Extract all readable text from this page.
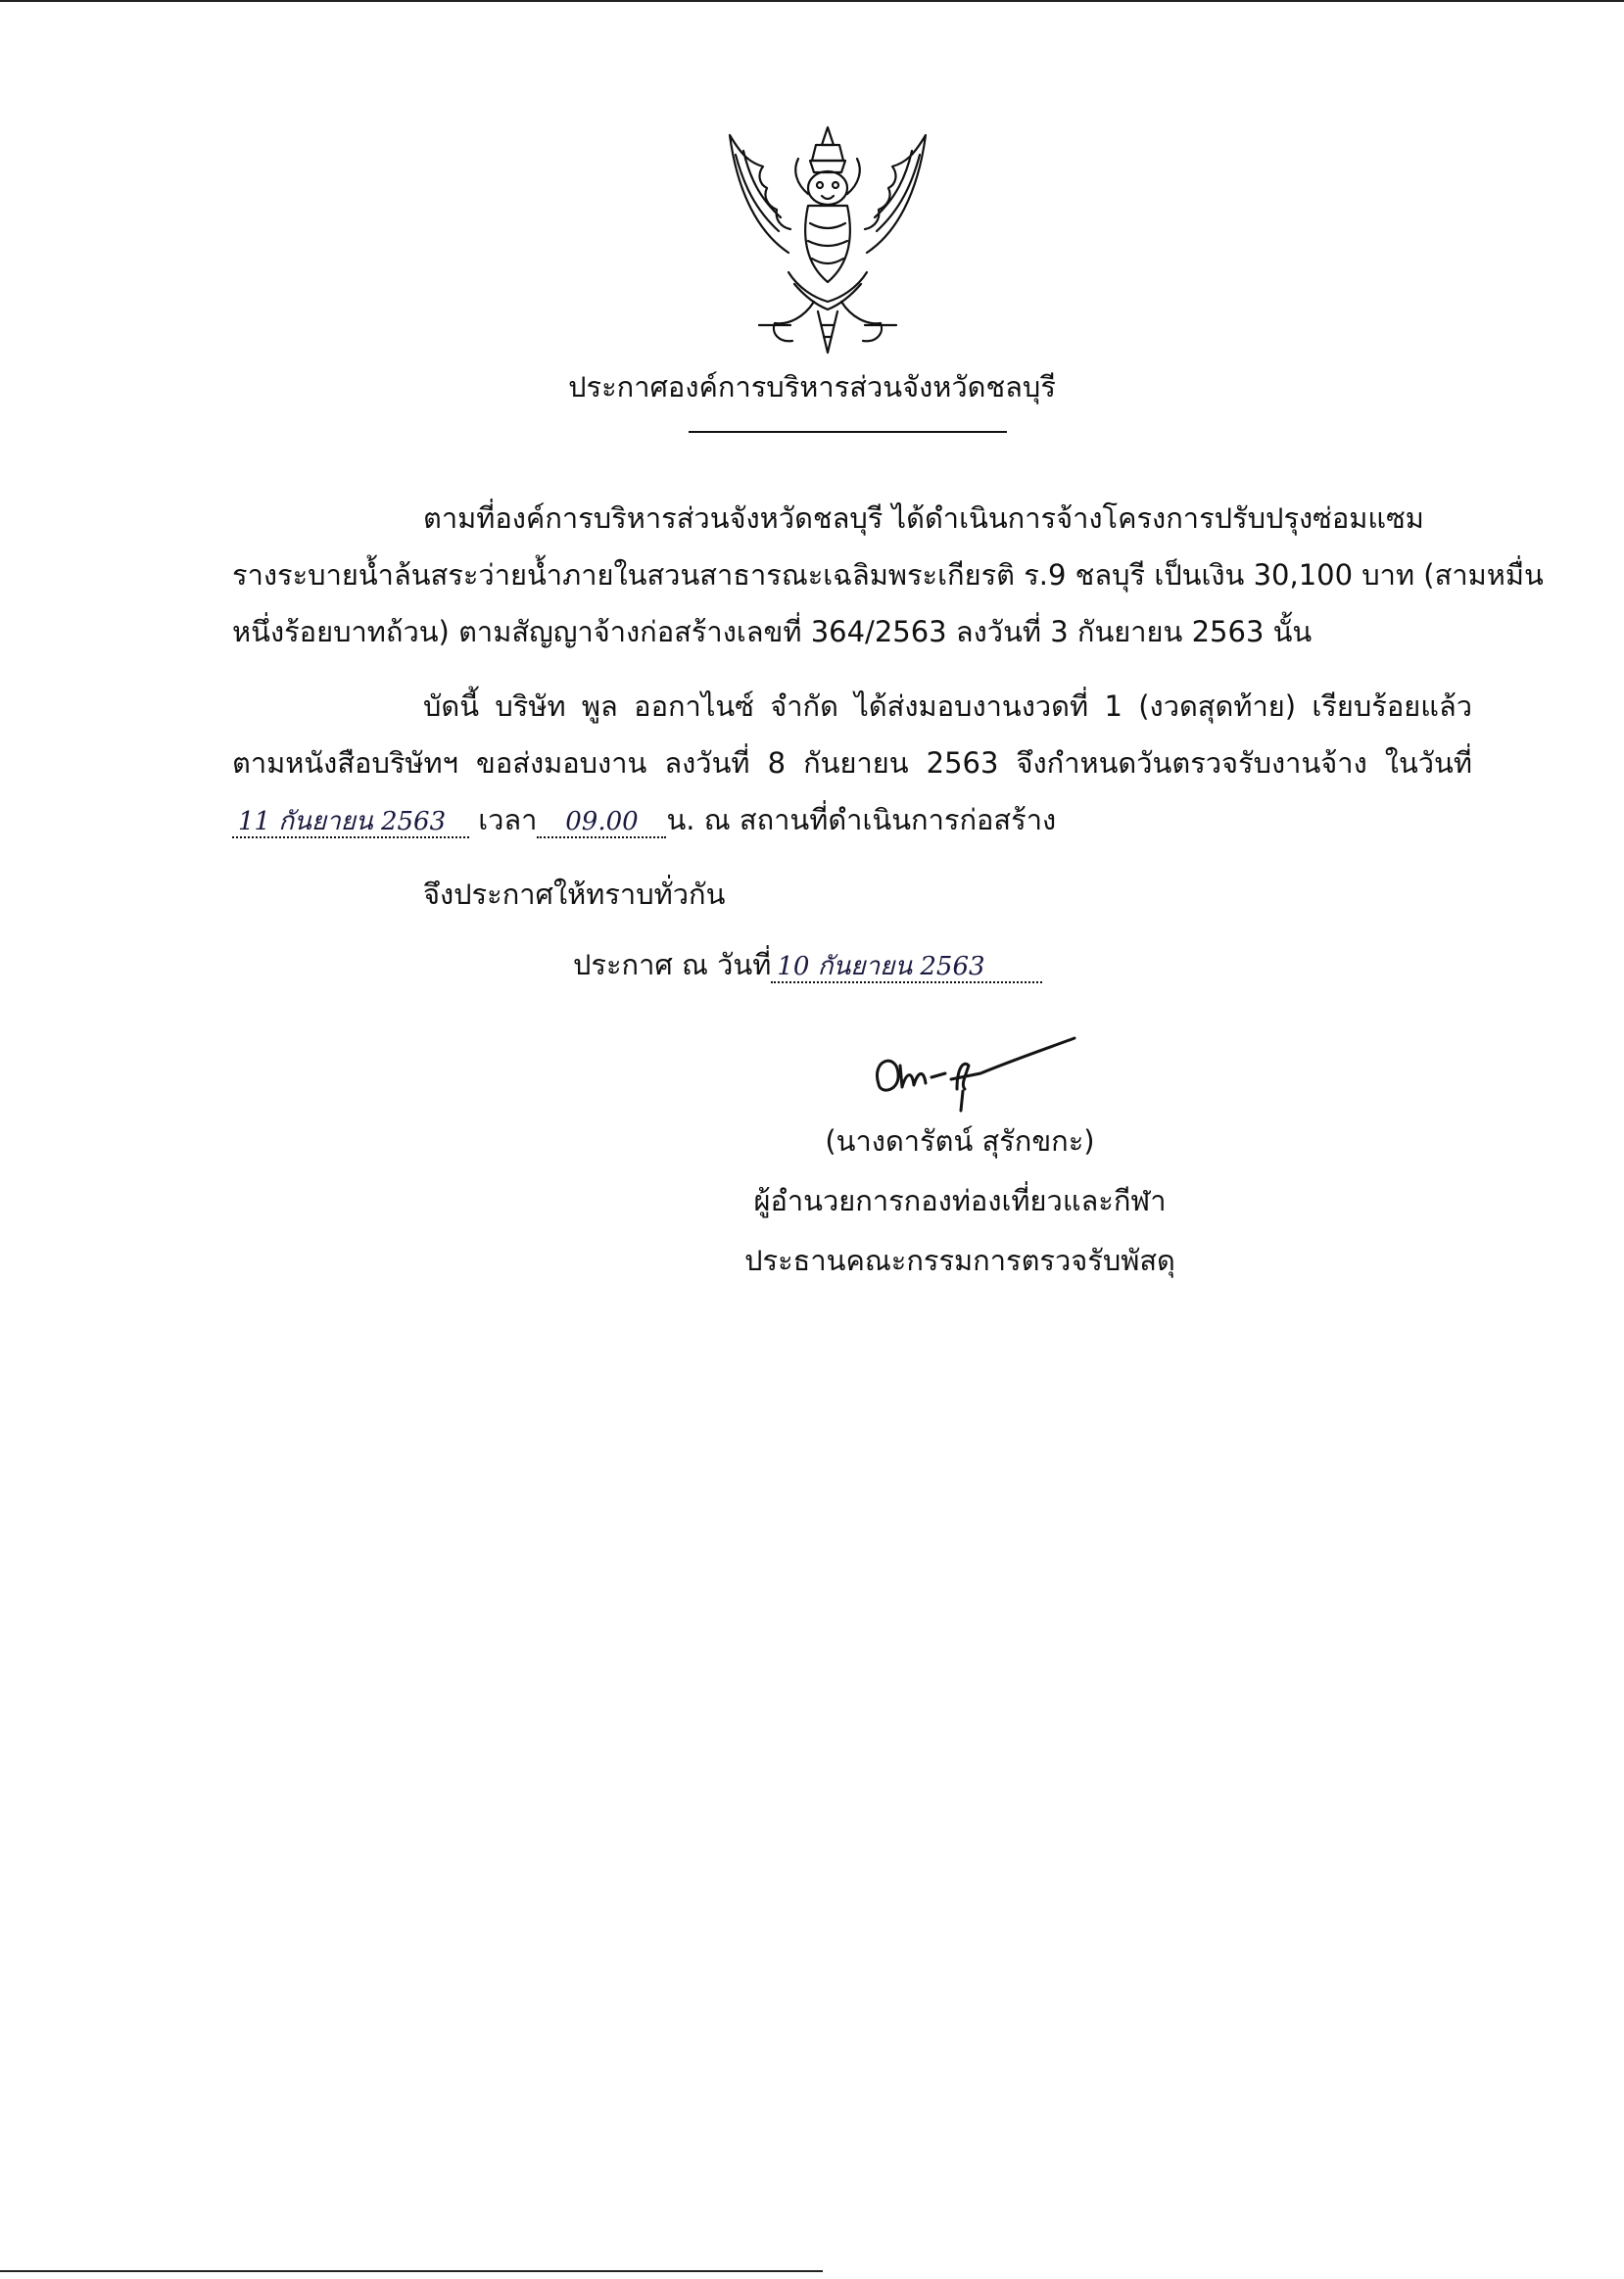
ประกาศองค์การบริหารส่วนจังหวัดชลบุรี
ตามที่องค์การบริหารส่วนจังหวัดชลบุรี ได้ดำเนินการจ้างโครงการปรับปรุงซ่อมแซม
รางระบายน้ำล้นสระว่ายน้ำภายในสวนสาธารณะเฉลิมพระเกียรติ ร.9 ชลบุรี เป็นเงิน 30,100 บาท (สามหมื่น
หนึ่งร้อยบาทถ้วน) ตามสัญญาจ้างก่อสร้างเลขที่ 364/2563 ลงวันที่ 3 กันยายน 2563 นั้น
บัดนี้ บริษัท พูล ออกาไนซ์ จำกัด ได้ส่งมอบงานงวดที่ 1 (งวดสุดท้าย) เรียบร้อยแล้ว
ตามหนังสือบริษัทฯ ขอส่งมอบงาน ลงวันที่ 8 กันยายน 2563 จึงกำหนดวันตรวจรับงานจ้าง ในวันที่
11 กันยายน 2563 เวลา 09.00 น. ณ สถานที่ดำเนินการก่อสร้าง
จึงประกาศให้ทราบทั่วกัน
ประกาศ ณ วันที่ 10 กันยายน 2563
(นางดารัตน์ สุรักขกะ)
ผู้อำนวยการกองท่องเที่ยวและกีฬา
ประธานคณะกรรมการตรวจรับพัสดุ
